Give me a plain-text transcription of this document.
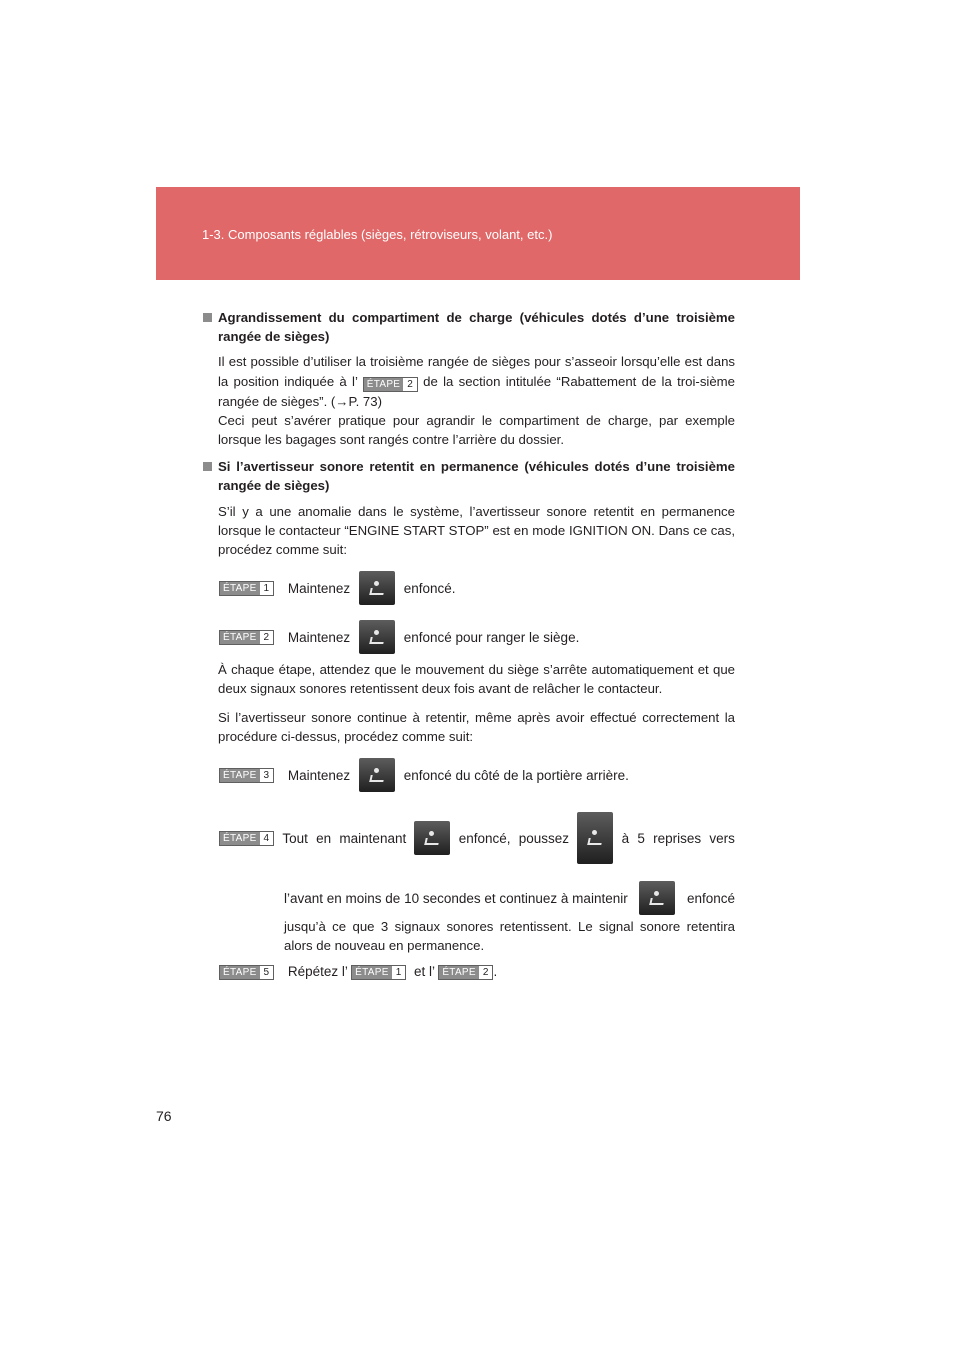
1-3. Composants réglables (sièges, rétroviseurs, volant, etc.)

Agrandissement du compartiment de charge (véhicules dotés d’une troisième rangée de sièges)

Il est possible d’utiliser la troisième rangée de sièges pour s’asseoir lorsqu’elle est dans la position indiquée à l’ ÉTAPE 2 de la section intitulée “Rabattement de la troi-sième rangée de sièges”. (→P. 73)
Ceci peut s’avérer pratique pour agrandir le compartiment de charge, par exemple lorsque les bagages sont rangés contre l’arrière du dossier.

Si l’avertisseur sonore retentit en permanence (véhicules dotés d’une troisième rangée de sièges)

S’il y a une anomalie dans le système, l’avertisseur sonore retentit en permanence lorsque le contacteur “ENGINE START STOP” est en mode IGNITION ON. Dans ce cas, procédez comme suit:

ÉTAPE 1 Maintenez	enfoncé.
ÉTAPE 2 Maintenez	enfoncé pour ranger le siège.

À chaque étape, attendez que le mouvement du siège s’arrête automatiquement et que deux signaux sonores retentissent deux fois avant de relâcher le contacteur.

Si l’avertisseur sonore continue à retentir, même après avoir effectué correctement la procédure ci-dessus, procédez comme suit:

ÉTAPE 3 Maintenez	enfoncé du côté de la portière arrière.
ÉTAPE 4 Tout en maintenant	enfoncé, poussez	à 5 reprises vers
l’avant en moins de 10 secondes et continuez à maintenir	enfoncé

jusqu’à ce que 3 signaux sonores retentissent. Le signal sonore retentira alors de nouveau en permanence.

ÉTAPE 5 Répétez l’ ÉTAPE 1 et l’ ÉTAPE 2 .
76
